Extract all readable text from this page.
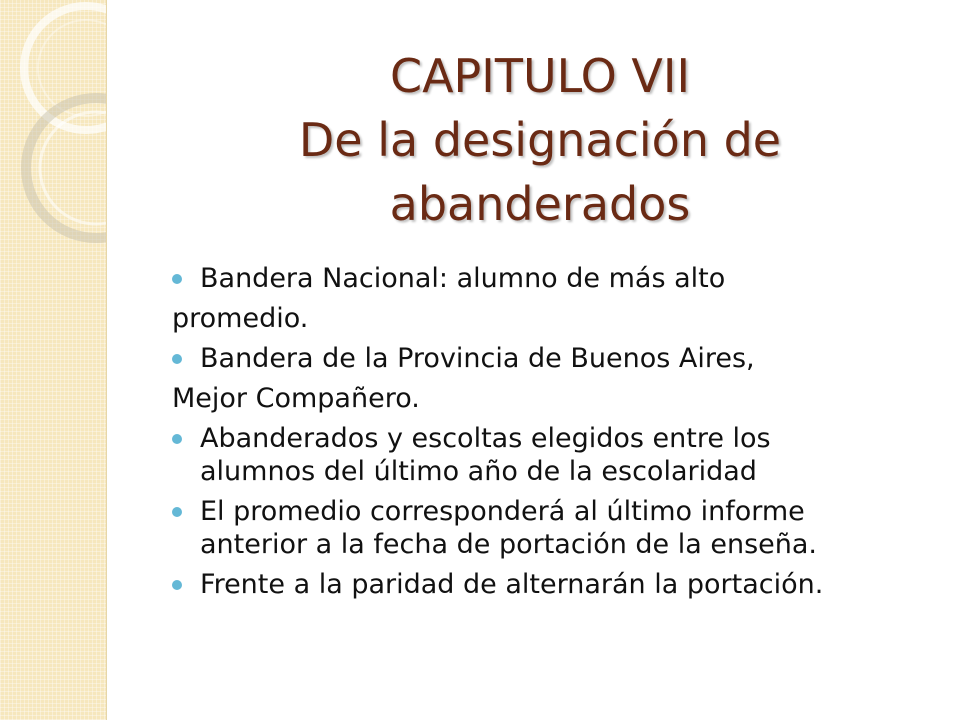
CAPITULO VII
De la designación de
abanderados
Bandera Nacional: alumno de más alto
promedio.
Bandera de la Provincia de Buenos Aires,
Mejor Compañero.
Abanderados y escoltas elegidos entre los
alumnos del último año de la escolaridad
El promedio corresponderá al último informe
anterior a la fecha de portación de la enseña.
Frente a la paridad de alternarán la portación.
